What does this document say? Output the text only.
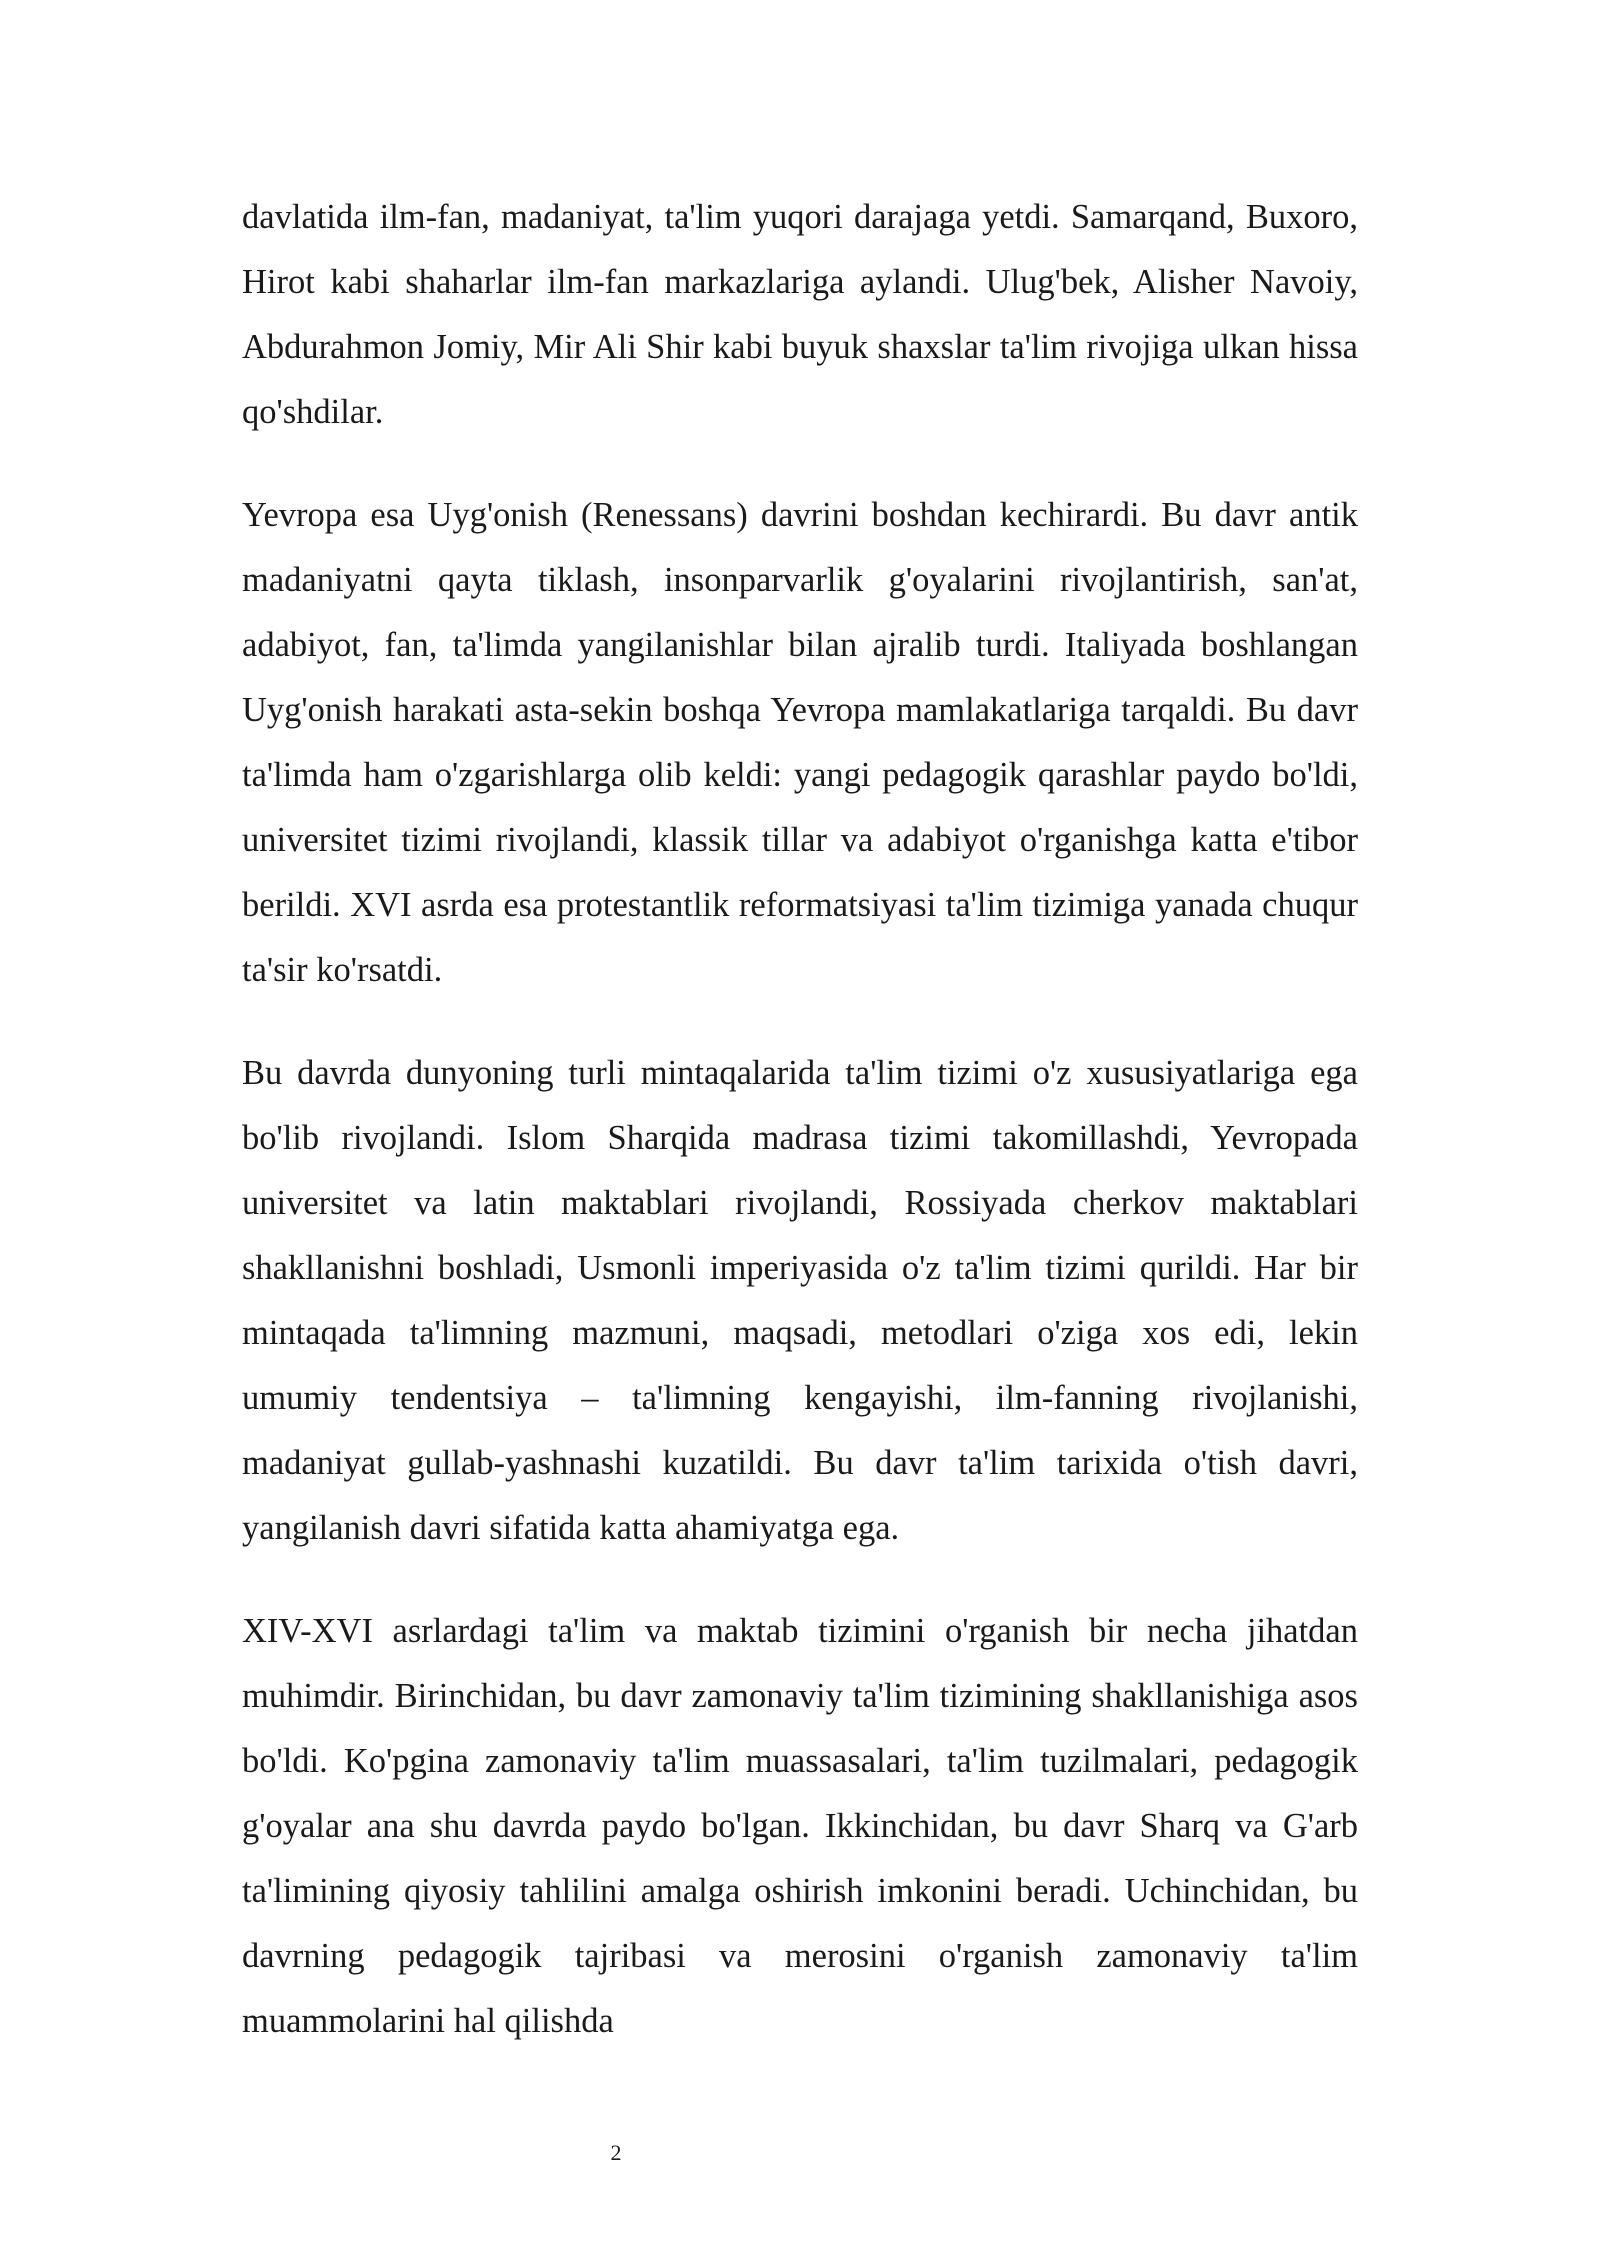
davlatida ilm-fan, madaniyat, ta'lim yuqori darajaga yetdi. Samarqand, Buxoro, Hirot kabi shaharlar ilm-fan markazlariga aylandi. Ulug'bek, Alisher Navoiy, Abdurahmon Jomiy, Mir Ali Shir kabi buyuk shaxslar ta'lim rivojiga ulkan hissa qo'shdilar.

Yevropa esa Uyg'onish (Renessans) davrini boshdan kechirardi. Bu davr antik madaniyatni qayta tiklash, insonparvarlik g'oyalarini rivojlantirish, san'at, adabiyot, fan, ta'limda yangilanishlar bilan ajralib turdi. Italiyada boshlangan Uyg'onish harakati asta-sekin boshqa Yevropa mamlakatlariga tarqaldi. Bu davr ta'limda ham o'zgarishlarga olib keldi: yangi pedagogik qarashlar paydo bo'ldi, universitet tizimi rivojlandi, klassik tillar va adabiyot o'rganishga katta e'tibor berildi. XVI asrda esa protestantlik reformatsiyasi ta'lim tizimiga yanada chuqur ta'sir ko'rsatdi.

Bu davrda dunyoning turli mintaqalarida ta'lim tizimi o'z xususiyatlariga ega bo'lib rivojlandi. Islom Sharqida madrasa tizimi takomillashdi, Yevropada universitet va latin maktablari rivojlandi, Rossiyada cherkov maktablari shakllanishni boshladi, Usmonli imperiyasida o'z ta'lim tizimi qurildi. Har bir mintaqada ta'limning mazmuni, maqsadi, metodlari o'ziga xos edi, lekin umumiy tendentsiya – ta'limning kengayishi, ilm-fanning rivojlanishi, madaniyat gullab-yashnashi kuzatildi. Bu davr ta'lim tarixida o'tish davri, yangilanish davri sifatida katta ahamiyatga ega.

XIV-XVI asrlardagi ta'lim va maktab tizimini o'rganish bir necha jihatdan muhimdir. Birinchidan, bu davr zamonaviy ta'lim tizimining shakllanishiga asos bo'ldi. Ko'pgina zamonaviy ta'lim muassasalari, ta'lim tuzilmalari, pedagogik g'oyalar ana shu davrda paydo bo'lgan. Ikkinchidan, bu davr Sharq va G'arb ta'limining qiyosiy tahlilini amalga oshirish imkonini beradi. Uchinchidan, bu davrning pedagogik tajribasi va merosini o'rganish zamonaviy ta'lim muammolarini hal qilishda

2
